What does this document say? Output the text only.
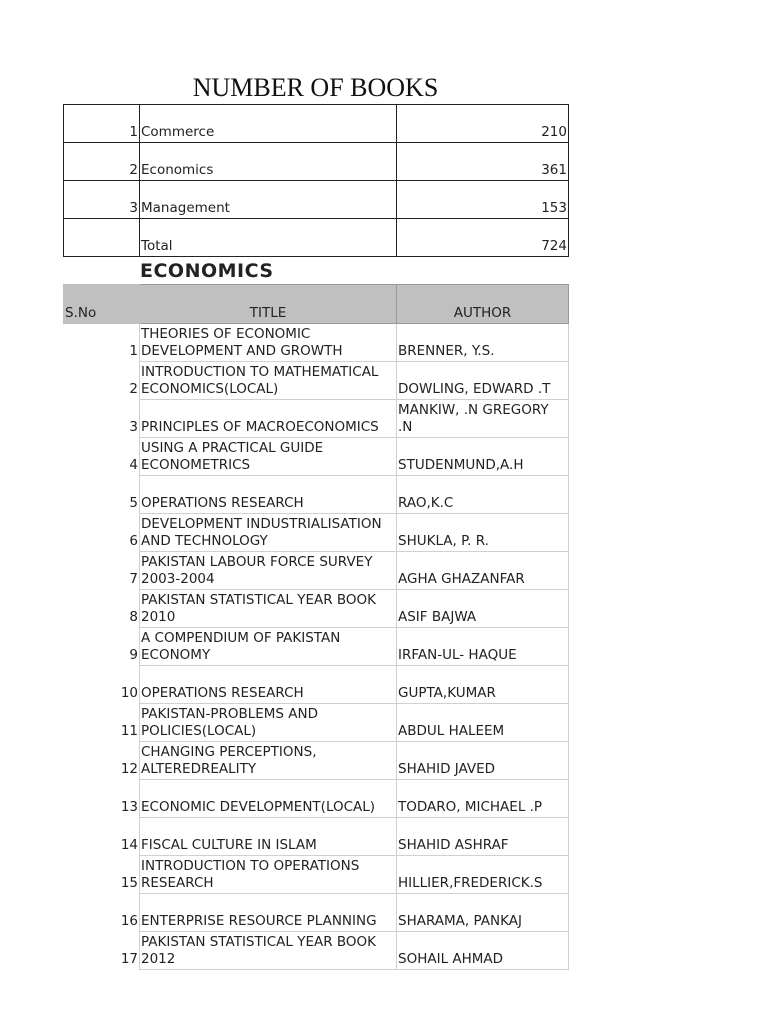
NUMBER OF BOOKS
1	Commerce	210
2	Economics	361
3	Management	153
	Total	724
ECONOMICS
S.No	TITLE	AUTHOR
1	THEORIES OF ECONOMIC DEVELOPMENT AND GROWTH	BRENNER, Y.S.
2	INTRODUCTION TO MATHEMATICAL ECONOMICS(LOCAL)	DOWLING, EDWARD .T
3	PRINCIPLES OF MACROECONOMICS	MANKIW, .N GREGORY .N
4	USING A PRACTICAL GUIDE ECONOMETRICS	STUDENMUND,A.H
5	OPERATIONS RESEARCH	RAO,K.C
6	DEVELOPMENT INDUSTRIALISATION AND TECHNOLOGY	SHUKLA, P. R.
7	PAKISTAN LABOUR FORCE SURVEY 2003-2004	AGHA GHAZANFAR
8	PAKISTAN STATISTICAL YEAR BOOK 2010	ASIF BAJWA
9	A COMPENDIUM OF PAKISTAN ECONOMY	IRFAN-UL- HAQUE
10	OPERATIONS RESEARCH	GUPTA,KUMAR
11	PAKISTAN-PROBLEMS AND POLICIES(LOCAL)	ABDUL HALEEM
12	CHANGING PERCEPTIONS, ALTEREDREALITY	SHAHID JAVED
13	ECONOMIC DEVELOPMENT(LOCAL)	TODARO, MICHAEL .P
14	FISCAL CULTURE IN ISLAM	SHAHID ASHRAF
15	INTRODUCTION TO OPERATIONS RESEARCH	HILLIER,FREDERICK.S
16	ENTERPRISE RESOURCE PLANNING	SHARAMA, PANKAJ
17	PAKISTAN STATISTICAL YEAR BOOK 2012	SOHAIL AHMAD
